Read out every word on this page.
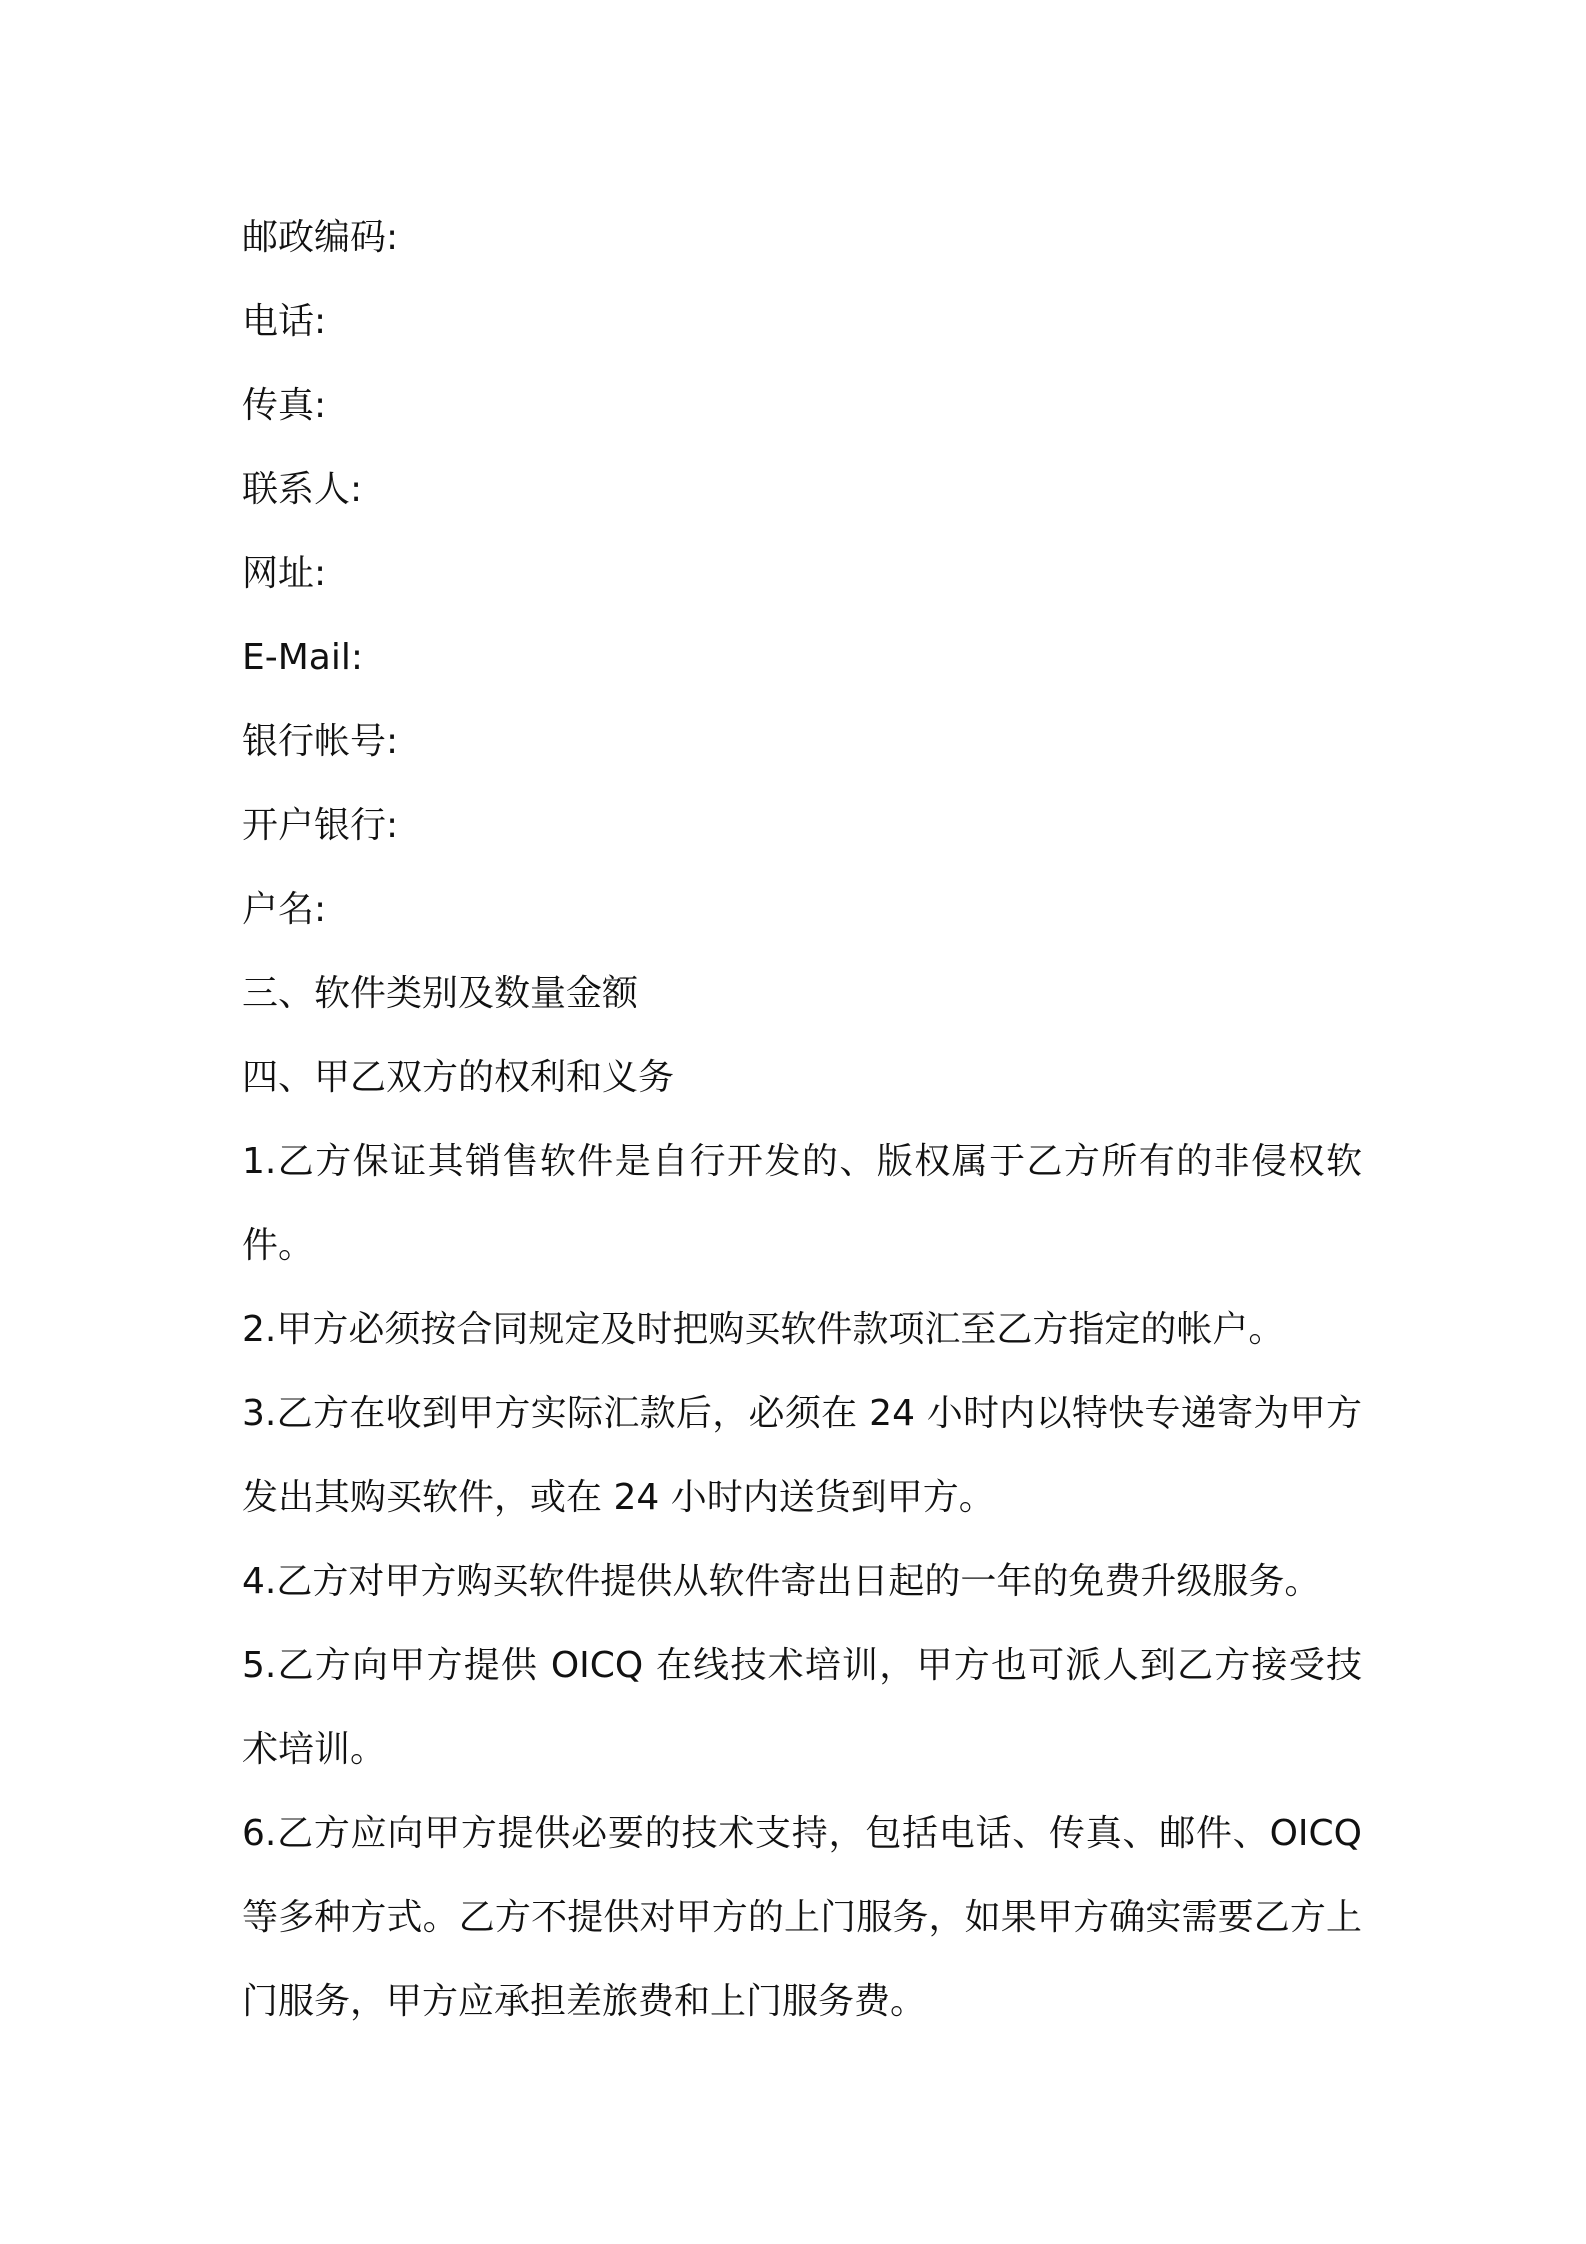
邮政编码:
电话:
传真:
联系人:
网址:
E-Mail:
银行帐号:
开户银行:
户名:
三、软件类别及数量金额
四、甲乙双方的权利和义务
1.乙方保证其销售软件是自行开发的、版权属于乙方所有的非侵权软件。
2.甲方必须按合同规定及时把购买软件款项汇至乙方指定的帐户。
3.乙方在收到甲方实际汇款后，必须在 24 小时内以特快专递寄为甲方发出其购买软件，或在 24 小时内送货到甲方。
4.乙方对甲方购买软件提供从软件寄出日起的一年的免费升级服务。
5.乙方向甲方提供 OICQ 在线技术培训，甲方也可派人到乙方接受技术培训。
6.乙方应向甲方提供必要的技术支持，包括电话、传真、邮件、OICQ 等多种方式。乙方不提供对甲方的上门服务，如果甲方确实需要乙方上门服务，甲方应承担差旅费和上门服务费。
